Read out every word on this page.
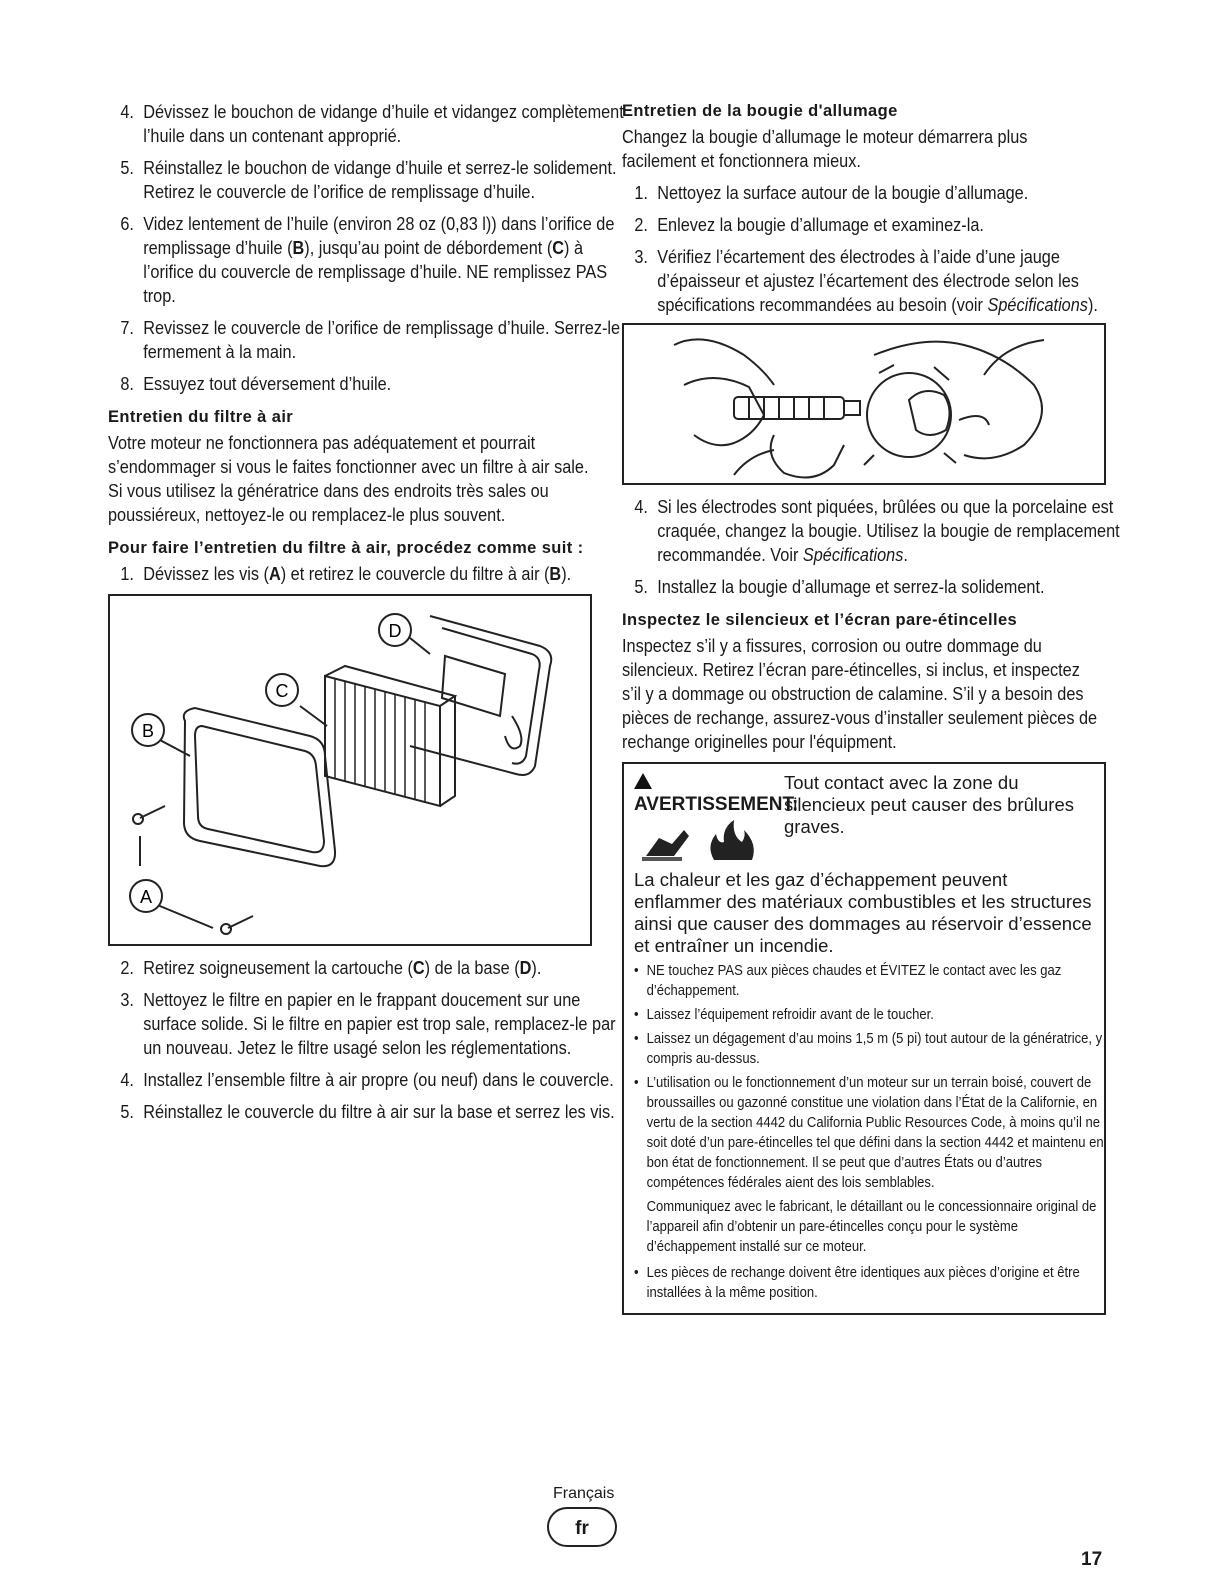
4. Dévissez le bouchon de vidange d’huile et vidangez complètement l’huile dans un contenant approprié.
5. Réinstallez le bouchon de vidange d’huile et serrez-le solidement. Retirez le couvercle de l’orifice de remplissage d’huile.
6. Videz lentement de l’huile (environ 28 oz (0,83 l)) dans l’orifice de remplissage d’huile (B), jusqu’au point de débordement (C) à l’orifice du couvercle de remplissage d’huile. NE remplissez PAS trop.
7. Revissez le couvercle de l’orifice de remplissage d’huile. Serrez-le fermement à la main.
8. Essuyez tout déversement d’huile.
Entretien du filtre à air

Votre moteur ne fonctionnera pas adéquatement et pourrait s’endommager si vous le faites fonctionner avec un filtre à air sale. Si vous utilisez la génératrice dans des endroits très sales ou poussiéreux, nettoyez-le ou remplacez-le plus souvent.

Pour faire l’entretien du filtre à air, procédez comme suit :
1. Dévissez les vis (A) et retirez le couvercle du filtre à air (B).
D
C
B
A
2. Retirez soigneusement la cartouche (C) de la base (D).
3. Nettoyez le filtre en papier en le frappant doucement sur une surface solide. Si le filtre en papier est trop sale, remplacez-le par un nouveau. Jetez le filtre usagé selon les réglementations.
4. Installez l’ensemble filtre à air propre (ou neuf) dans le couvercle.
5. Réinstallez le couvercle du filtre à air sur la base et serrez les vis.
Entretien de la bougie d'allumage

Changez la bougie d’allumage le moteur démarrera plus facilement et fonctionnera mieux.

1. Nettoyez la surface autour de la bougie d’allumage.
2. Enlevez la bougie d’allumage et examinez-la.
3. Vérifiez l’écartement des électrodes à l’aide d’une jauge d’épaisseur et ajustez l’écartement des électrode selon les spécifications recommandées au besoin (voir Spécifications).
4. Si les électrodes sont piquées, brûlées ou que la porcelaine est craquée, changez la bougie. Utilisez la bougie de remplacement recommandée. Voir Spécifications.
5. Installez la bougie d’allumage et serrez-la solidement.
Inspectez le silencieux et l’écran pare-étincelles

Inspectez s’il y a fissures, corrosion ou outre dommage du silencieux. Retirez l’écran pare-étincelles, si inclus, et inspectez s’il y a dommage ou obstruction de calamine. S’il y a besoin des pièces de rechange, assurez-vous d’installer seulement pièces de rechange originelles pour l'équipment.

AVERTISSEMENT:
Tout contact avec la zone du silencieux peut causer des brûlures graves.

La chaleur et les gaz d’échappement peuvent enflammer des matériaux combustibles et les structures ainsi que causer des dommages au réservoir d’essence et entraîner un incendie.

• NE touchez PAS aux pièces chaudes et ÉVITEZ le contact avec les gaz d’échappement.
• Laissez l’équipement refroidir avant de le toucher.
• Laissez un dégagement d’au moins 1,5 m (5 pi) tout autour de la génératrice, y compris au-dessus.
• L’utilisation ou le fonctionnement d’un moteur sur un terrain boisé, couvert de broussailles ou gazonné constitue une violation dans l’État de la Californie, en vertu de la section 4442 du California Public Resources Code, à moins qu’il ne soit doté d’un pare-étincelles tel que défini dans la section 4442 et maintenu en bon état de fonctionnement. Il se peut que d’autres États ou d’autres compétences fédérales aient des lois semblables.
Communiquez avec le fabricant, le détaillant ou le concessionnaire original de l’appareil afin d’obtenir un pare-étincelles conçu pour le système d’échappement installé sur ce moteur.
• Les pièces de rechange doivent être identiques aux pièces d’origine et être installées à la même position.
Français
fr
17
